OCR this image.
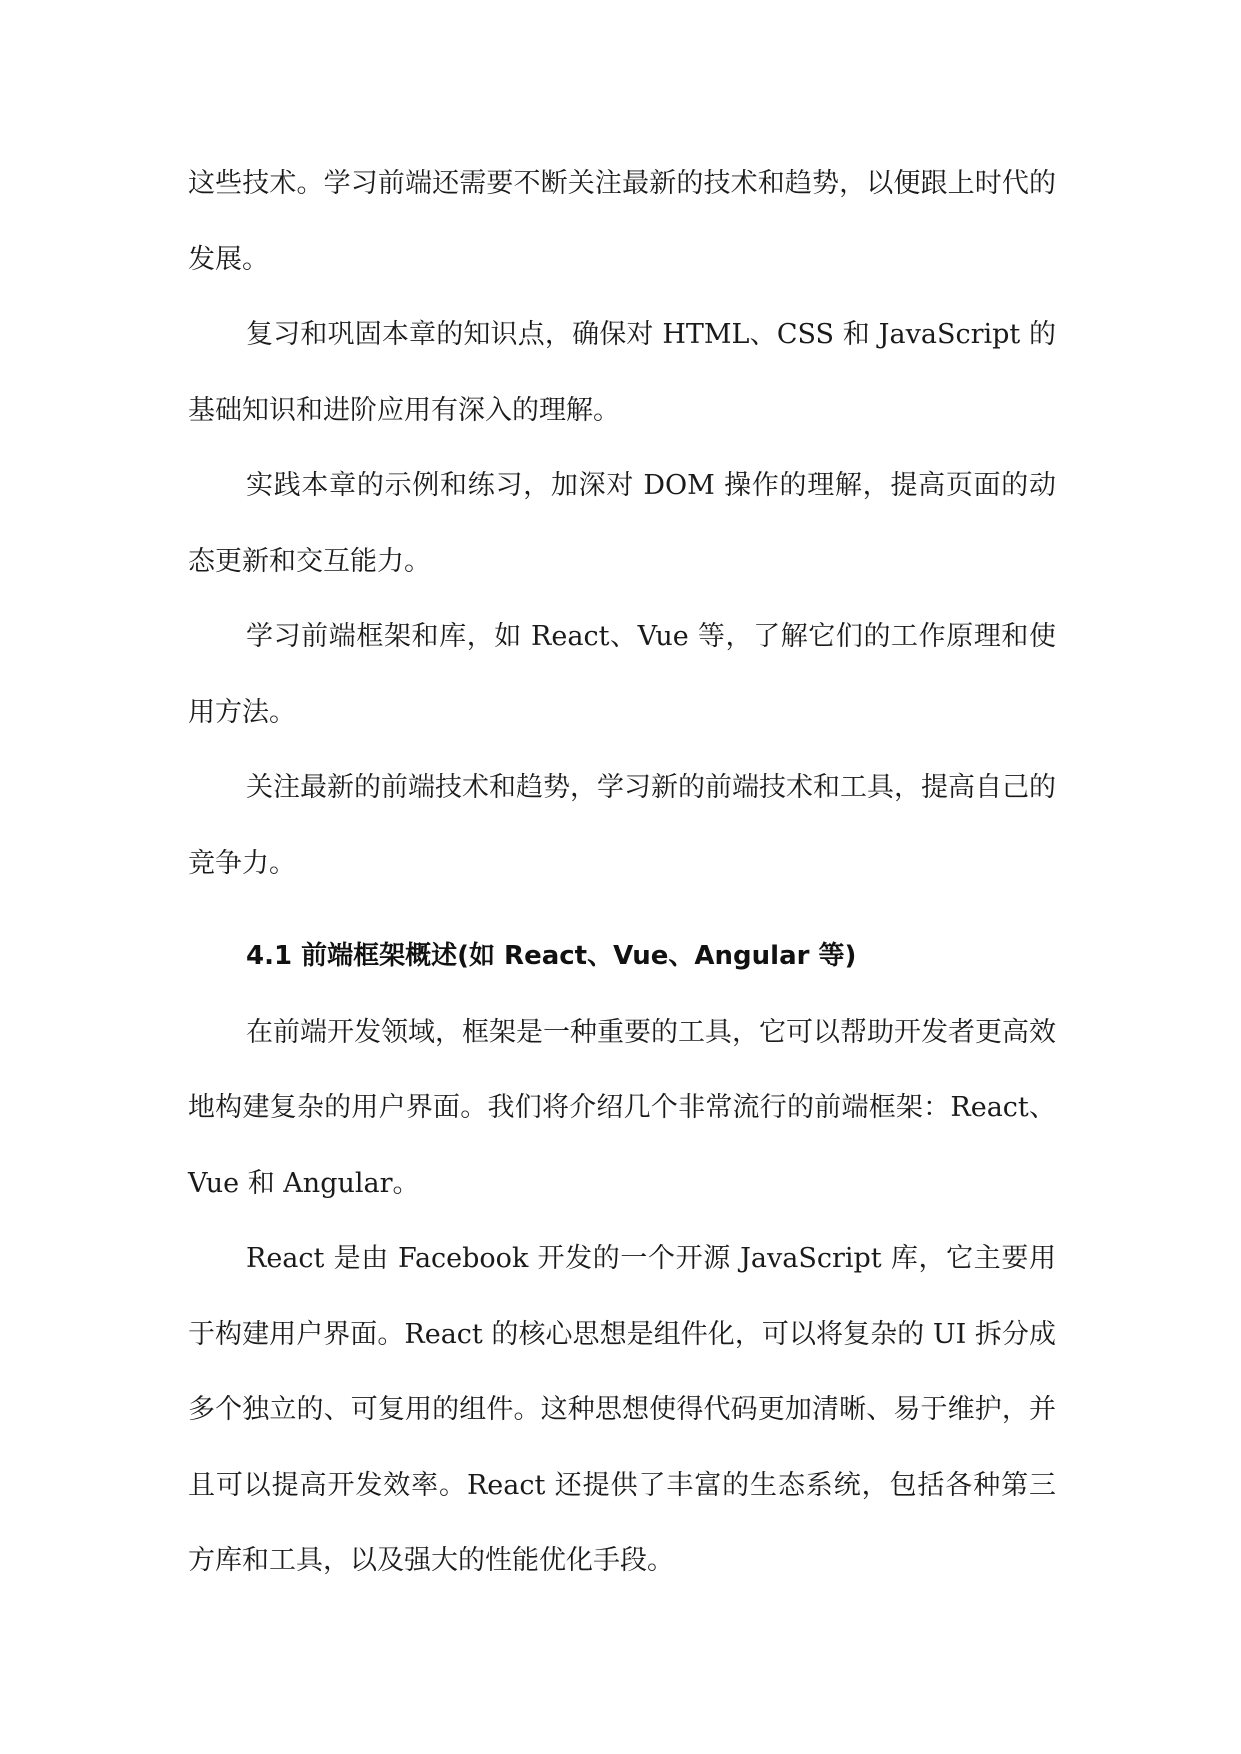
这些技术。学习前端还需要不断关注最新的技术和趋势，以便跟上时代的发展。

复习和巩固本章的知识点，确保对 HTML、CSS 和 JavaScript 的基础知识和进阶应用有深入的理解。

实践本章的示例和练习，加深对 DOM 操作的理解，提高页面的动态更新和交互能力。

学习前端框架和库，如 React、Vue 等，了解它们的工作原理和使用方法。

关注最新的前端技术和趋势，学习新的前端技术和工具，提高自己的竞争力。

4.1 前端框架概述(如 React、Vue、Angular 等)

在前端开发领域，框架是一种重要的工具，它可以帮助开发者更高效地构建复杂的用户界面。我们将介绍几个非常流行的前端框架：React、Vue 和 Angular。

React 是由 Facebook 开发的一个开源 JavaScript 库，它主要用于构建用户界面。React 的核心思想是组件化，可以将复杂的 UI 拆分成多个独立的、可复用的组件。这种思想使得代码更加清晰、易于维护，并且可以提高开发效率。React 还提供了丰富的生态系统，包括各种第三方库和工具，以及强大的性能优化手段。
